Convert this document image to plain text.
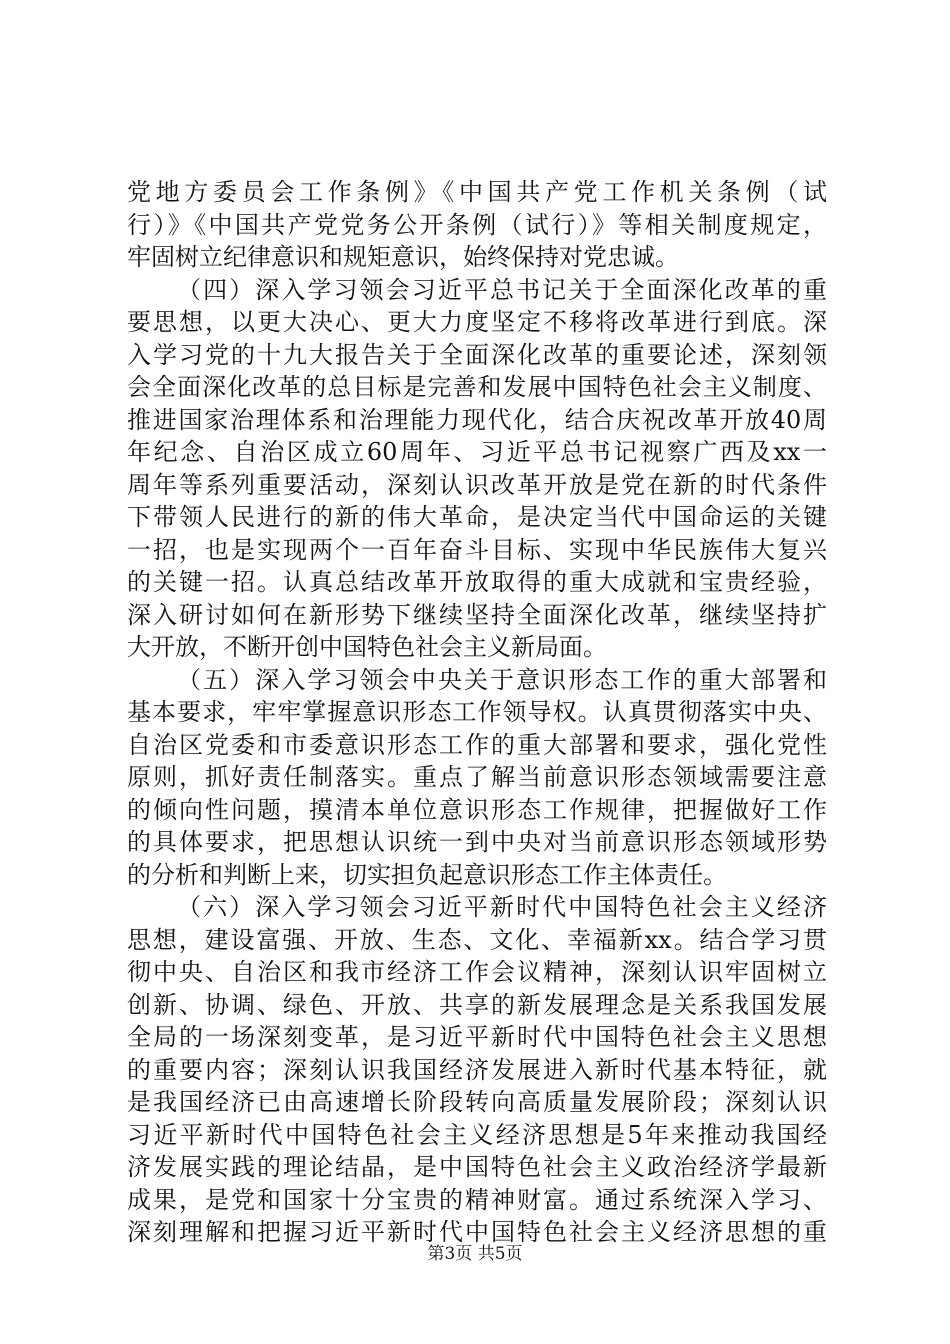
党地方委员会工作条例》《中国共产党工作机关条例（试
行）》《中国共产党党务公开条例（试行）》等相关制度规定，
牢固树立纪律意识和规矩意识，始终保持对党忠诚。
（四）深入学习领会习近平总书记关于全面深化改革的重
要思想，以更大决心、更大力度坚定不移将改革进行到底。深
入学习党的十九大报告关于全面深化改革的重要论述，深刻领
会全面深化改革的总目标是完善和发展中国特色社会主义制度、
推进国家治理体系和治理能力现代化，结合庆祝改革开放40周
年纪念、自治区成立60周年、习近平总书记视察广西及xx一
周年等系列重要活动，深刻认识改革开放是党在新的时代条件
下带领人民进行的新的伟大革命，是决定当代中国命运的关键
一招，也是实现两个一百年奋斗目标、实现中华民族伟大复兴
的关键一招。认真总结改革开放取得的重大成就和宝贵经验，
深入研讨如何在新形势下继续坚持全面深化改革，继续坚持扩
大开放，不断开创中国特色社会主义新局面。
（五）深入学习领会中央关于意识形态工作的重大部署和
基本要求，牢牢掌握意识形态工作领导权。认真贯彻落实中央、
自治区党委和市委意识形态工作的重大部署和要求，强化党性
原则，抓好责任制落实。重点了解当前意识形态领域需要注意
的倾向性问题，摸清本单位意识形态工作规律，把握做好工作
的具体要求，把思想认识统一到中央对当前意识形态领域形势
的分析和判断上来，切实担负起意识形态工作主体责任。
（六）深入学习领会习近平新时代中国特色社会主义经济
思想，建设富强、开放、生态、文化、幸福新xx。结合学习贯
彻中央、自治区和我市经济工作会议精神，深刻认识牢固树立
创新、协调、绿色、开放、共享的新发展理念是关系我国发展
全局的一场深刻变革，是习近平新时代中国特色社会主义思想
的重要内容；深刻认识我国经济发展进入新时代基本特征，就
是我国经济已由高速增长阶段转向高质量发展阶段；深刻认识
习近平新时代中国特色社会主义经济思想是5年来推动我国经
济发展实践的理论结晶，是中国特色社会主义政治经济学最新
成果，是党和国家十分宝贵的精神财富。通过系统深入学习、
深刻理解和把握习近平新时代中国特色社会主义经济思想的重
第3页 共5页
